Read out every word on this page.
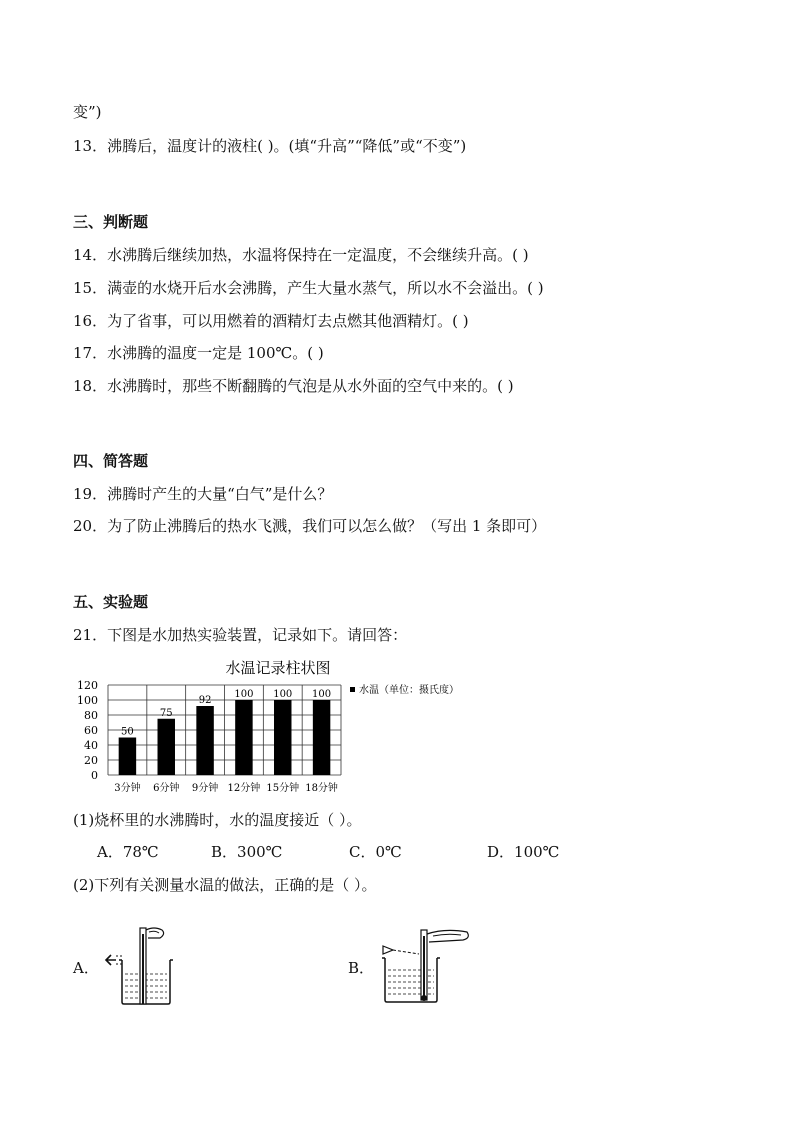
变”)
13．沸腾后，温度计的液柱( )。(填“升高”“降低”或“不变”)
三、判断题
14．水沸腾后继续加热，水温将保持在一定温度，不会继续升高。( )
15．满壶的水烧开后水会沸腾，产生大量水蒸气，所以水不会溢出。( )
16．为了省事，可以用燃着的酒精灯去点燃其他酒精灯。( )
17．水沸腾的温度一定是 100℃。( )
18．水沸腾时，那些不断翻腾的气泡是从水外面的空气中来的。( )
四、简答题
19．沸腾时产生的大量“白气”是什么？
20．为了防止沸腾后的热水飞溅，我们可以怎么做？（写出 1 条即可）
五、实验题
21．下图是水加热实验装置，记录如下。请回答：
水温记录柱状图
0
20
40
60
80
100
120
50
3分钟
75
6分钟
92
9分钟
100
12分钟
100
15分钟
100
18分钟
水温（单位：摄氏度）
(1)烧杯里的水沸腾时，水的温度接近（ ）。
A．78℃	B．300℃	C．0℃	D．100℃
(2)下列有关测量水温的做法，正确的是（ ）。
A．	B．
